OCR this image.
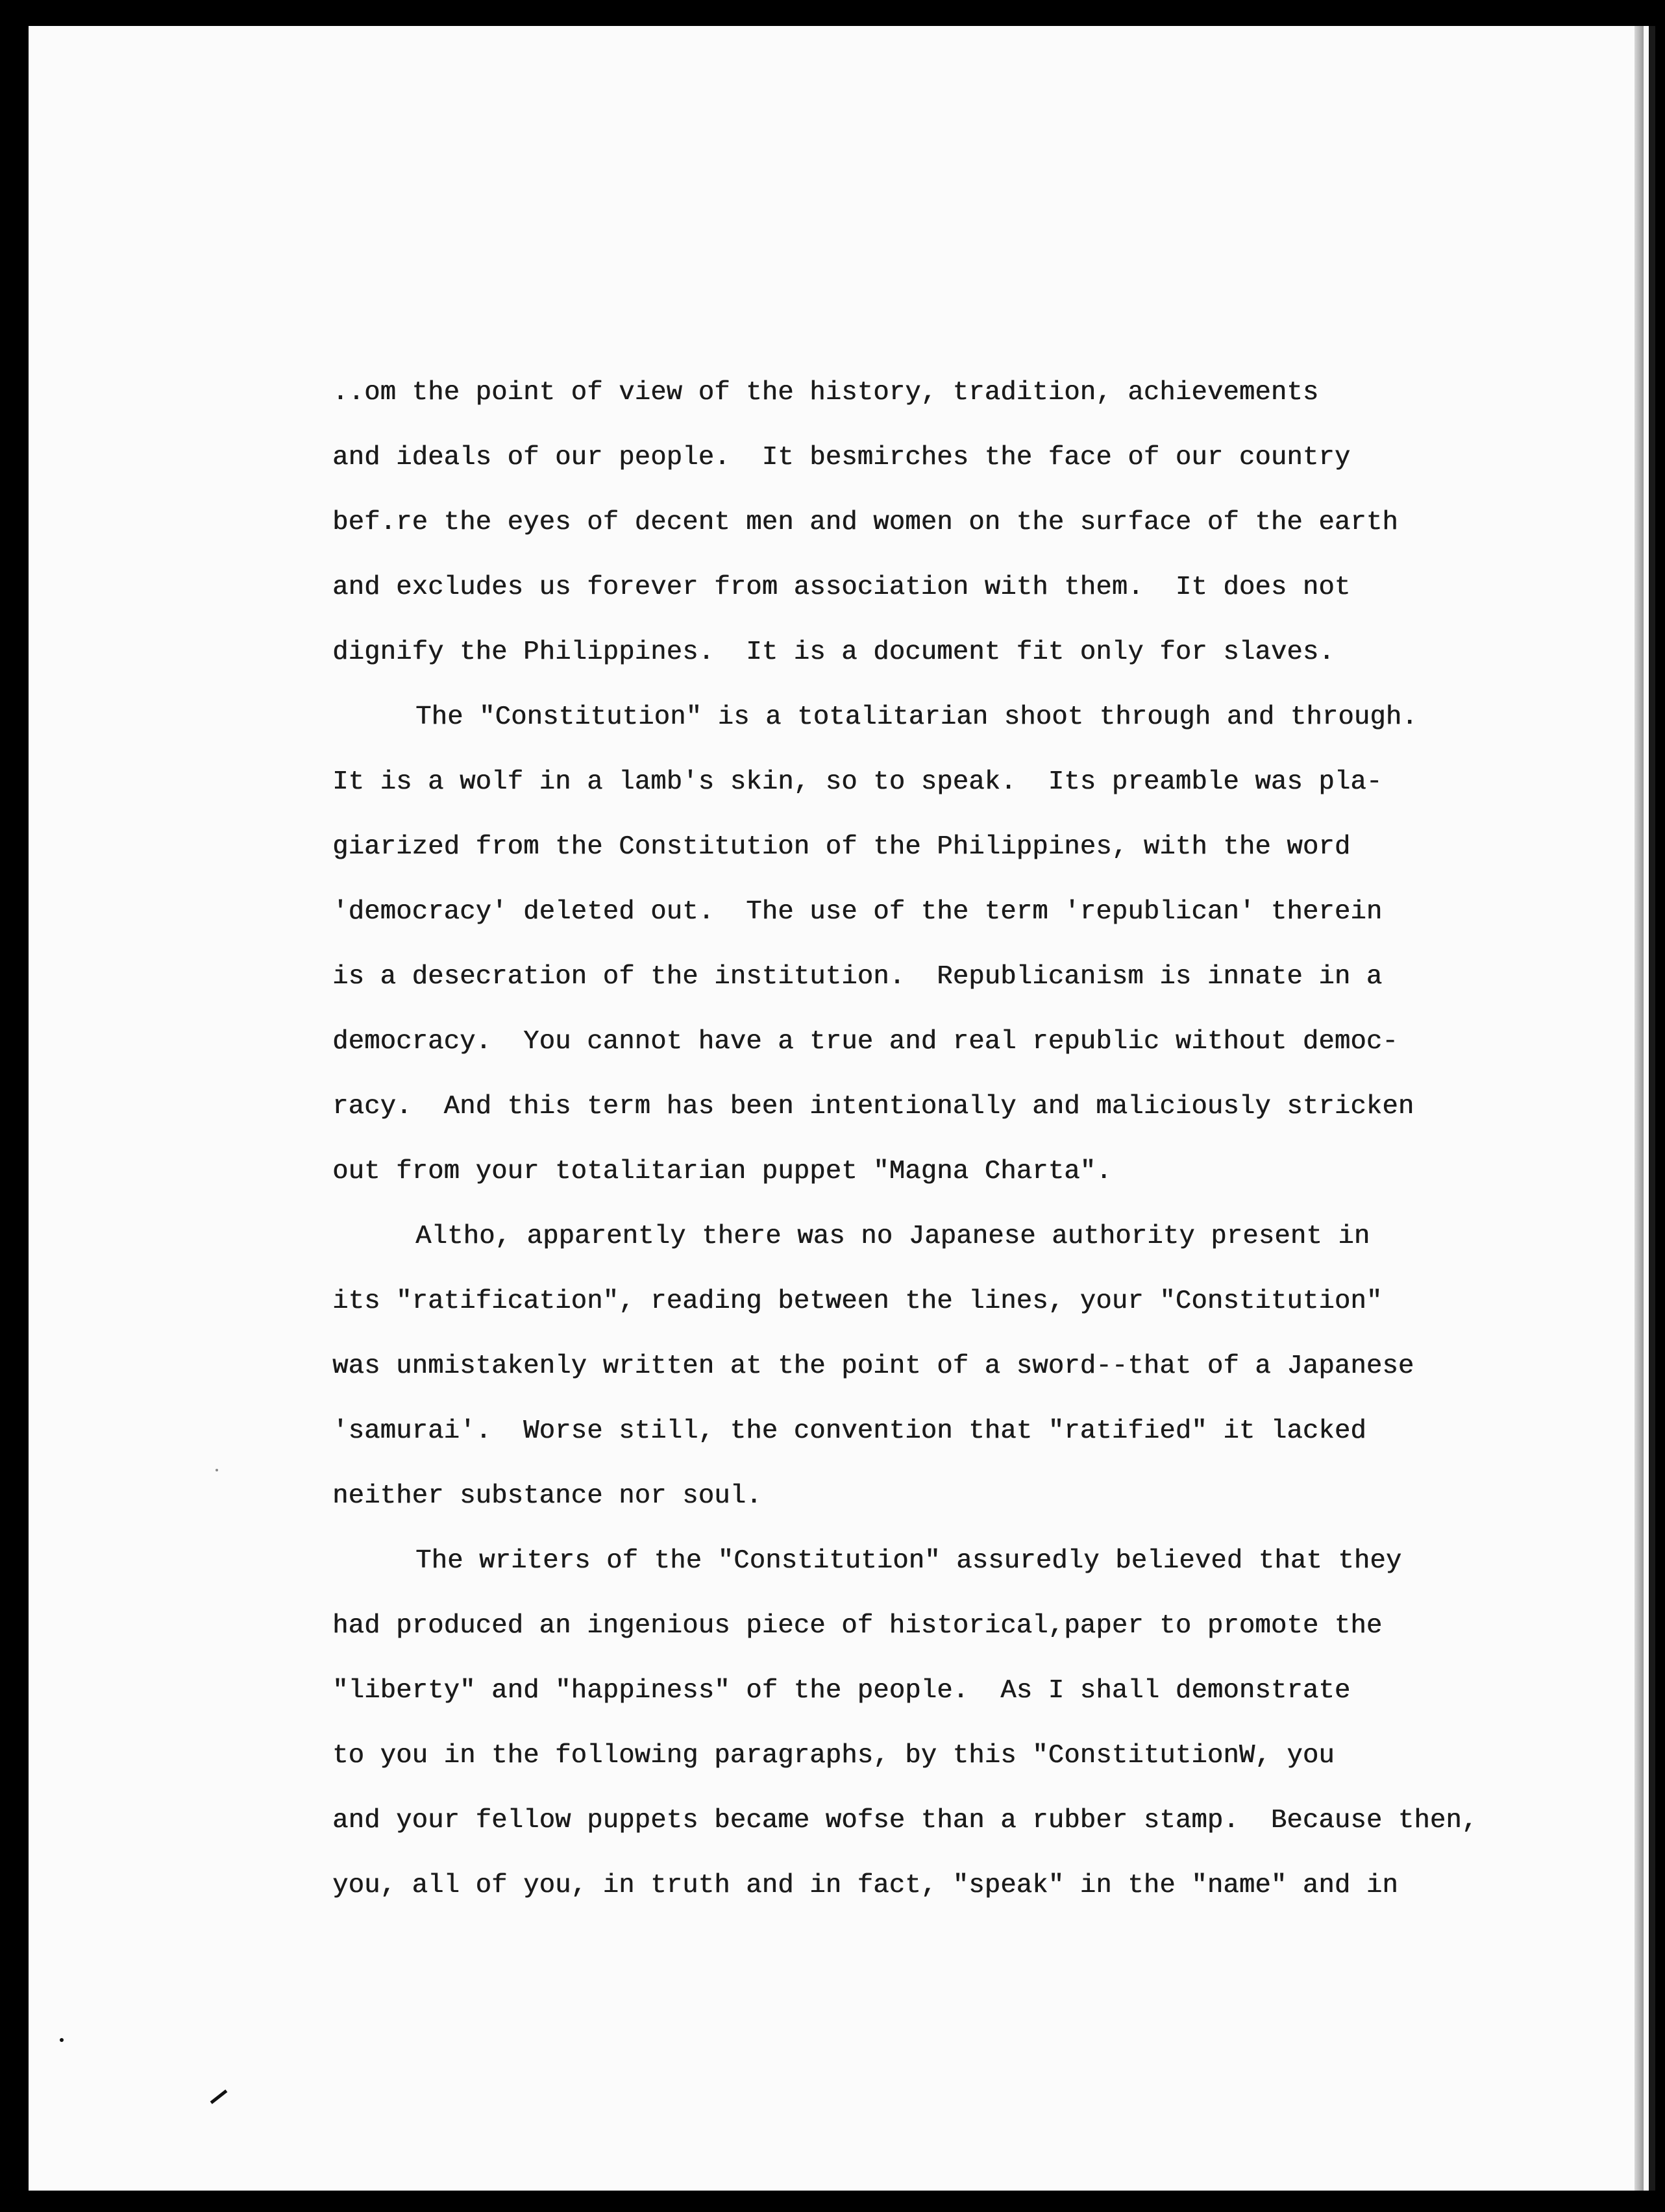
..om the point of view of the history, tradition, achievements
and ideals of our people.  It besmirches the face of our country
bef.re the eyes of decent men and women on the surface of the earth
and excludes us forever from association with them.  It does not
dignify the Philippines.  It is a document fit only for slaves.
The "Constitution" is a totalitarian shoot through and through.
It is a wolf in a lamb's skin, so to speak.  Its preamble was pla-
giarized from the Constitution of the Philippines, with the word
'democracy' deleted out.  The use of the term 'republican' therein
is a desecration of the institution.  Republicanism is innate in a
democracy.  You cannot have a true and real republic without democ-
racy.  And this term has been intentionally and maliciously stricken
out from your totalitarian puppet "Magna Charta".
Altho, apparently there was no Japanese authority present in
its "ratification", reading between the lines, your "Constitution"
was unmistakenly written at the point of a sword--that of a Japanese
'samurai'.  Worse still, the convention that "ratified" it lacked
neither substance nor soul.
The writers of the "Constitution" assuredly believed that they
had produced an ingenious piece of historical,paper to promote the
"liberty" and "happiness" of the people.  As I shall demonstrate
to you in the following paragraphs, by this "ConstitutionW, you
and your fellow puppets became wofse than a rubber stamp.  Because then,
you, all of you, in truth and in fact, "speak" in the "name" and in
